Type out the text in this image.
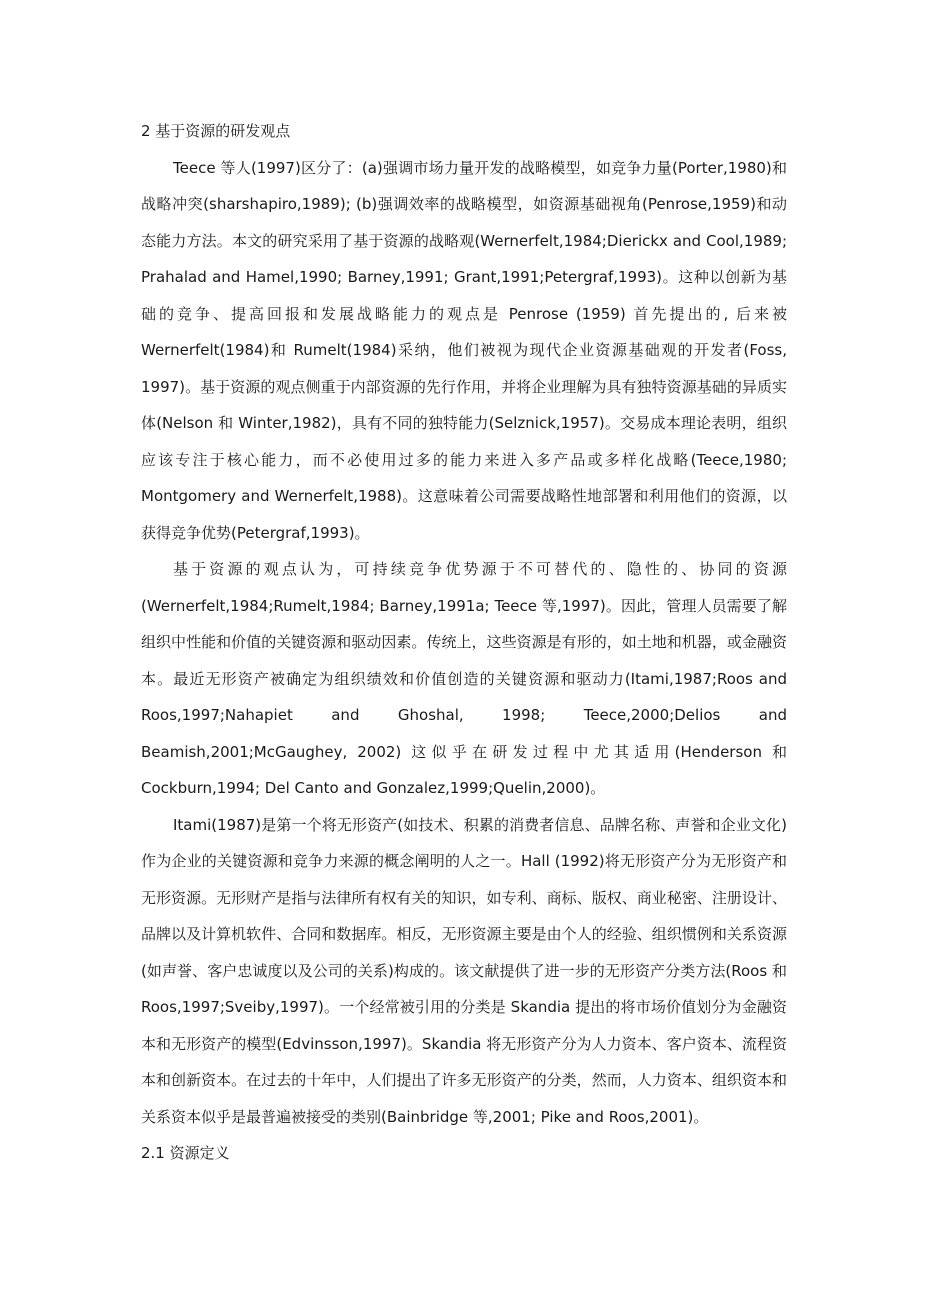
2 基于资源的研发观点

Teece 等人(1997)区分了：(a)强调市场力量开发的战略模型，如竞争力量(Porter,1980)和战略冲突(sharshapiro,1989); (b)强调效率的战略模型，如资源基础视角(Penrose,1959)和动态能力方法。本文的研究采用了基于资源的战略观(Wernerfelt,1984;Dierickx and Cool,1989; Prahalad and Hamel,1990; Barney,1991; Grant,1991;Petergraf,1993)。这种以创新为基础的竞争、提高回报和发展战略能力的观点是 Penrose (1959) 首先提出的, 后来被 Wernerfelt(1984)和 Rumelt(1984)采纳，他们被视为现代企业资源基础观的开发者(Foss, 1997)。基于资源的观点侧重于内部资源的先行作用，并将企业理解为具有独特资源基础的异质实体(Nelson 和 Winter,1982)，具有不同的独特能力(Selznick,1957)。交易成本理论表明，组织应该专注于核心能力，而不必使用过多的能力来进入多产品或多样化战略(Teece,1980; Montgomery and Wernerfelt,1988)。这意味着公司需要战略性地部署和利用他们的资源，以获得竞争优势(Petergraf,1993)。

基于资源的观点认为，可持续竞争优势源于不可替代的、隐性的、协同的资源(Wernerfelt,1984;Rumelt,1984; Barney,1991a; Teece 等,1997)。因此，管理人员需要了解组织中性能和价值的关键资源和驱动因素。传统上，这些资源是有形的，如土地和机器，或金融资本。最近无形资产被确定为组织绩效和价值创造的关键资源和驱动力(Itami,1987;Roos and Roos,1997;Nahapiet and Ghoshal, 1998; Teece,2000;Delios and Beamish,2001;McGaughey, 2002) 这似乎在研发过程中尤其适用(Henderson 和 Cockburn,1994; Del Canto and Gonzalez,1999;Quelin,2000)。

Itami(1987)是第一个将无形资产(如技术、积累的消费者信息、品牌名称、声誉和企业文化)作为企业的关键资源和竞争力来源的概念阐明的人之一。Hall (1992)将无形资产分为无形资产和无形资源。无形财产是指与法律所有权有关的知识，如专利、商标、版权、商业秘密、注册设计、品牌以及计算机软件、合同和数据库。相反，无形资源主要是由个人的经验、组织惯例和关系资源(如声誉、客户忠诚度以及公司的关系)构成的。该文献提供了进一步的无形资产分类方法(Roos 和 Roos,1997;Sveiby,1997)。一个经常被引用的分类是 Skandia 提出的将市场价值划分为金融资本和无形资产的模型(Edvinsson,1997)。Skandia 将无形资产分为人力资本、客户资本、流程资本和创新资本。在过去的十年中，人们提出了许多无形资产的分类，然而，人力资本、组织资本和关系资本似乎是最普遍被接受的类别(Bainbridge 等,2001; Pike and Roos,2001)。

2.1 资源定义
